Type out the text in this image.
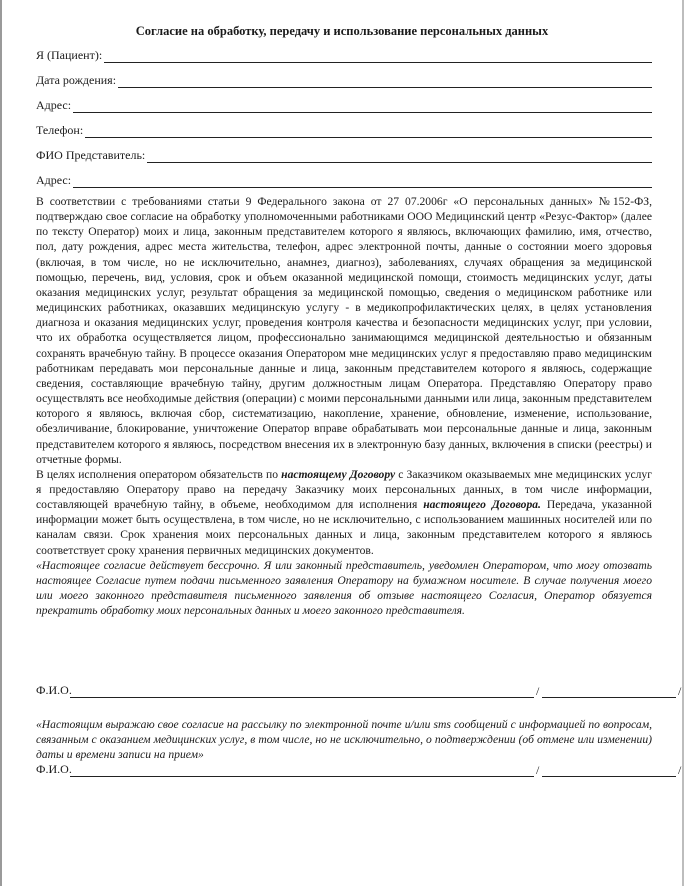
Согласие на обработку, передачу и использование персональных данных
Я (Пациент):
Дата рождения:
Адрес:
Телефон:
ФИО Представитель:
Адрес:

В соответствии с требованиями статьи 9 Федерального закона от 27 07.2006г «О персональных данных» №152-ФЗ, подтверждаю свое согласие на обработку уполномоченными работниками ООО Медицинский центр «Резус-Фактор» (далее по тексту Оператор) моих и лица, законным представителем которого я являюсь, включающих фамилию, имя, отчество, пол, дату рождения, адрес места жительства, телефон, адрес электронной почты, данные о состоянии моего здоровья (включая, в том числе, но не исключительно, анамнез, диагноз), заболеваниях, случаях обращения за медицинской помощью, перечень, вид, условия, срок и объем оказанной медицинской помощи, стоимость медицинских услуг, даты оказания медицинских услуг, результат обращения за медицинской помощью, сведения о медицинском работнике или медицинских работниках, оказавших медицинскую услугу - в медикопрофилактических целях, в целях установления диагноза и оказания медицинских услуг, проведения контроля качества и безопасности медицинских услуг, при условии, что их обработка осуществляется лицом, профессионально занимающимся медицинской деятельностью и обязанным сохранять врачебную тайну. В процессе оказания Оператором мне медицинских услуг я предоставляю право медицинским работникам передавать мои персональные данные и лица, законным представителем которого я являюсь, содержащие сведения, составляющие врачебную тайну, другим должностным лицам Оператора. Представляю Оператору право осуществлять все необходимые действия (операции) с моими персональными данными или лица, законным представителем которого я являюсь, включая сбор, систематизацию, накопление, хранение, обновление, изменение, использование, обезличивание, блокирование, уничтожение Оператор вправе обрабатывать мои персональные данные и лица, законным представителем которого я являюсь, посредством внесения их в электронную базу данных, включения в списки (реестры) и отчетные формы.

В целях исполнения оператором обязательств по настоящему Договору с Заказчиком оказываемых мне медицинских услуг я предоставляю Оператору право на передачу Заказчику моих персональных данных, в том числе информации, составляющей врачебную тайну, в объеме, необходимом для исполнения настоящего Договора. Передача, указанной информации может быть осуществлена, в том числе, но не исключительно, с использованием машинных носителей или по каналам связи. Срок хранения моих персональных данных и лица, законным представителем которого я являюсь соответствует сроку хранения первичных медицинских документов.

«Настоящее согласие действует бессрочно. Я или законный представитель, уведомлен Оператором, что могу отозвать настоящее Согласие путем подачи письменного заявления Оператору на бумажном носителе. В случае получения моего или моего законного представителя письменного заявления об отзыве настоящего Согласия, Оператор обязуется прекратить обработку моих персональных данных и моего законного представителя.

Ф.И.О.	/	/
«Настоящим выражаю свое согласие на рассылку по электронной почте и/или sms сообщений с информацией по вопросам, связанным с оказанием медицинских услуг, в том числе, но не исключительно, о подтверждении (об отмене или изменении) даты и времени записи на прием»
Ф.И.О.	/	/
